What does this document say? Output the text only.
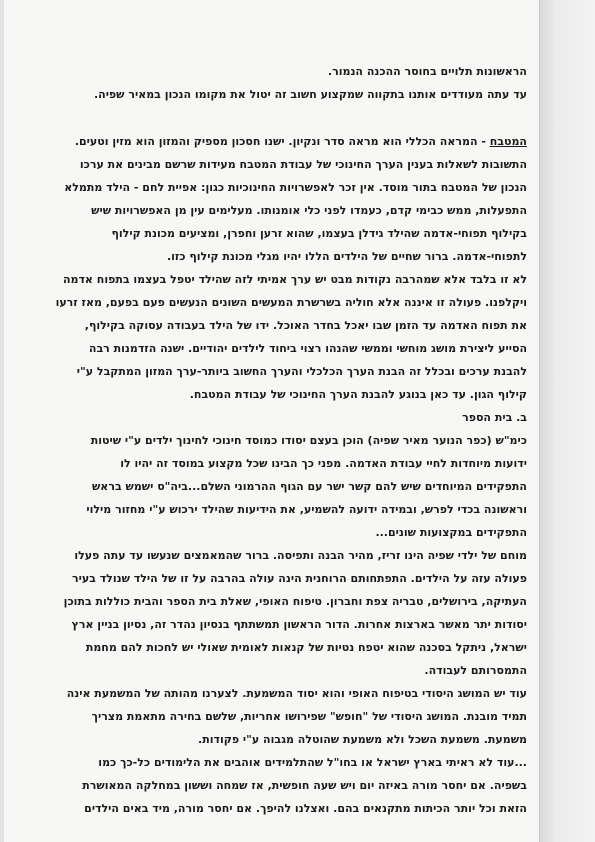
הראשונות תלויים בחוסר ההכנה הנמור.

עד עתה מעודדים אותנו בתקווה שמקצוע חשוב זה יטול את מקומו הנכון במאיר שפיה.

המטבח - המראה הכללי הוא מראה סדר ונקיון. ישנו חסכון מספיק והמזון הוא מזין וטעים.

התשובות לשאלות בענין הערך החינוכי של עבודת המטבח מעידות שרשם מבינים את ערכו

הנכון של המטבח בתור מוסד. אין זכר לאפשרויות החינוכיות כגון: אפיית לחם - הילד מתמלא

התפעלות, ממש כבימי קדם, כעמדו לפני כלי אומנותו. מעלימים עין מן האפשרויות שיש

בקילוף תפוחי-אדמה שהילד גידלן בעצמו, שהוא זרען וחפרן, ומציעים מכונת קילוף

לתפוחי-אדמה. ברור שחיים של הילדים הללו יהיו מגלי מכונת קילוף כזו.

לא זו בלבד אלא שמהרבה נקודות מבט יש ערך אמיתי לזה שהילד יטפל בעצמו בתפוח אדמה

ויקלפנו. פעולה זו איננה אלא חוליה בשרשרת המעשים השונים הנעשים פעם בפעם, מאז זרעו

את תפוח האדמה עד הזמן שבו יאכל בחדר האוכל. ידו של הילד בעבודה עסוקה בקילוף,

הסייע ליצירת מושג מוחשי וממשי שהנהו רצוי ביחוד לילדים יהודיים. ישנה הזדמנות רבה

להבנת ערכים ובכלל זה הבנת הערך הכלכלי והערך החשוב ביותר-ערך המזון המתקבל ע"י

קילוף הגון. עד כאן בנוגע להבנת הערך החינוכי של עבודת המטבח.

ב. בית הספר

כימ"ש (כפר הנוער מאיר שפיה) הוכן בעצם יסודו כמוסד חינוכי לחינוך ילדים ע"י שיטות

ידועות מיוחדות לחיי עבודת האדמה. מפני כך הבינו שכל מקצוע במוסד זה יהיו לו

התפקידים המיוחדים שיש להם קשר ישר עם הגוף ההרמוני השלם...ביה"ס ישמש בראש

וראשונה בכדי לפרש, ובמידה ידועה להשמיע, את הידיעות שהילד ירכוש ע"י מחזור מילוי

התפקידים במקצועות שונים...

מוחם של ילדי שפיה הינו זריז, מהיר הבנה ותפיסה. ברור שהמאמצים שנעשו עד עתה פעלו

פעולה עזה על הילדים. התפתחותם הרוחנית הינה עולה בהרבה על זו של הילד שנולד בעיר

העתיקה, בירושלים, טבריה צפת וחברון. טיפוח האופי, שאלת בית הספר והבית כוללות בתוכן

יסודות יתר מאשר בארצות אחרות. הדור הראשון תמשתתף בנסיון נהדר זה, נסיון בניין ארץ

ישראל, ניתקל בסכנה שהוא יטפח נטיות של קנאות לאומית שאולי יש לחכות להם מחמת

התמסרותם לעבודה.

עוד יש המושג היסודי בטיפוח האופי והוא יסוד המשמעת. לצערנו מהותה של המשמעת אינה

תמיד מובנת. המושג היסודי של "חופש" שפירושו אחריות, שלשם בחירה מתאמת מצריך

משמעת. משמעת השכל ולא משמעת שהוטלה מגבוה ע"י פקודות.

...עוד לא ראיתי בארץ ישראל או בחו"ל שהתלמידים אוהבים את הלימודים כל-כך כמו

בשפיה. אם יחסר מורה באיזה יום ויש שעה חופשית, אז שמחה וששון במחלקה המאושרת

הזאת וכל יותר הכיתות מתקנאים בהם. ואצלנו להיפך. אם יחסר מורה, מיד באים הילדים
